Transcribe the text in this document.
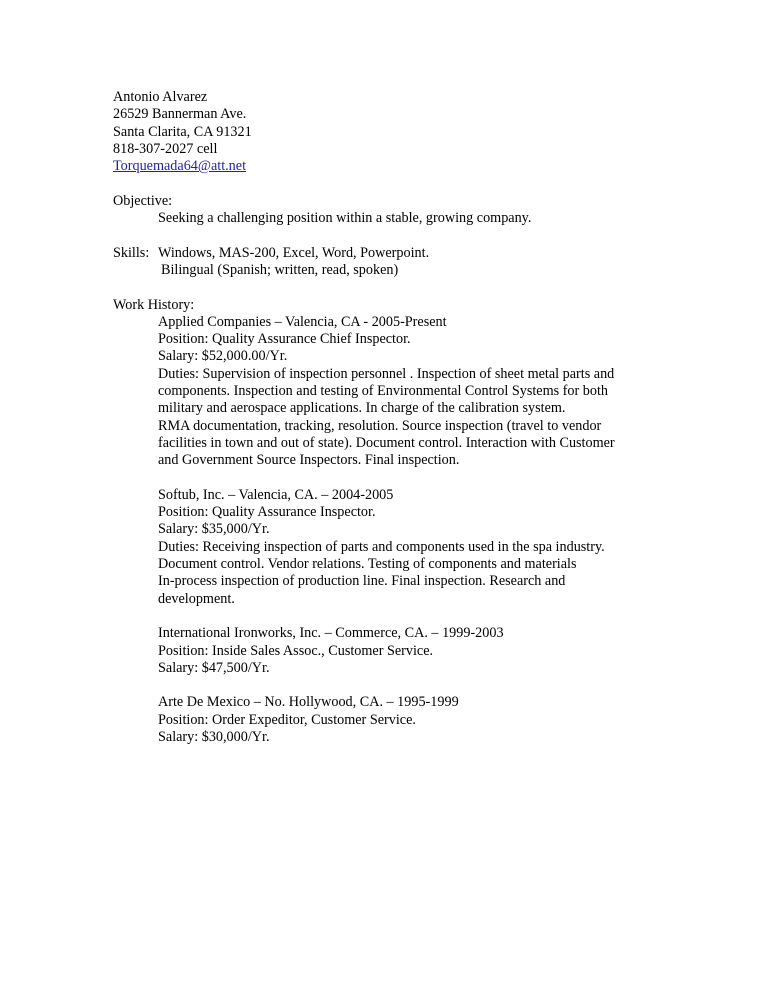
Antonio Alvarez
26529 Bannerman Ave.
Santa Clarita, CA 91321
818-307-2027 cell
Torquemada64@att.net
Objective:
Seeking a challenging position within a stable, growing company.
Skills: Windows, MAS-200, Excel, Word, Powerpoint.
Bilingual (Spanish; written, read, spoken)
Work History:
Applied Companies – Valencia, CA - 2005-Present
Position: Quality Assurance Chief Inspector.
Salary: $52,000.00/Yr.
Duties: Supervision of inspection personnel . Inspection of sheet metal parts and
components. Inspection and testing of Environmental Control Systems for both
military and aerospace applications. In charge of the calibration system.
RMA documentation, tracking, resolution. Source inspection (travel to vendor
facilities in town and out of state). Document control. Interaction with Customer
and Government Source Inspectors. Final inspection.
Softub, Inc. – Valencia, CA. – 2004-2005
Position: Quality Assurance Inspector.
Salary: $35,000/Yr.
Duties: Receiving inspection of parts and components used in the spa industry.
Document control. Vendor relations. Testing of components and materials
In-process inspection of production line. Final inspection. Research and
development.
International Ironworks, Inc. – Commerce, CA. – 1999-2003
Position: Inside Sales Assoc., Customer Service.
Salary: $47,500/Yr.
Arte De Mexico – No. Hollywood, CA. – 1995-1999
Position: Order Expeditor, Customer Service.
Salary: $30,000/Yr.
